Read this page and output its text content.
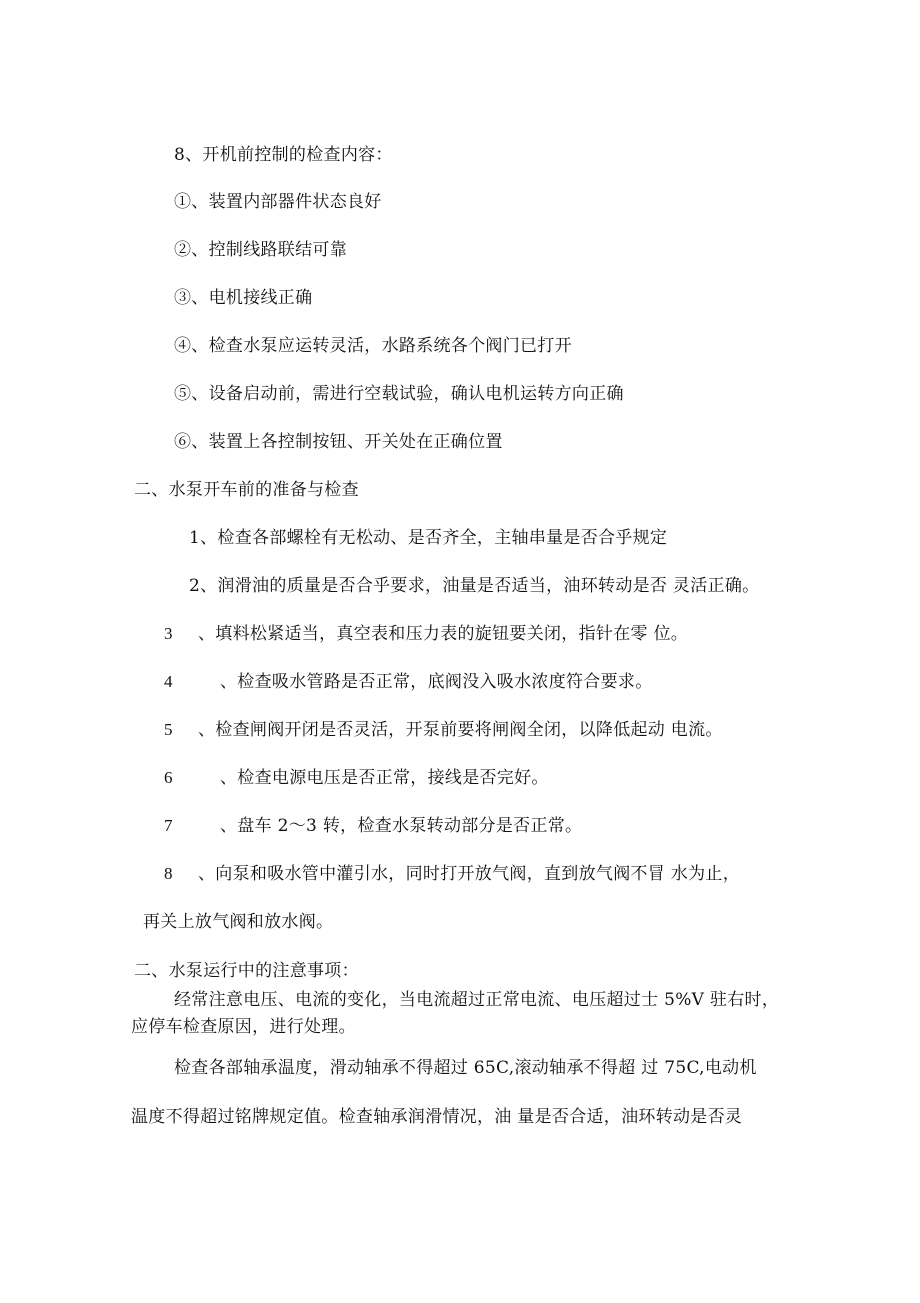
8、开机前控制的检查内容：
①、装置内部器件状态良好
②、控制线路联结可靠
③、电机接线正确
④、检查水泵应运转灵活，水路系统各个阀门已打开
⑤、设备启动前，需进行空载试验，确认电机运转方向正确
⑥、装置上各控制按钮、开关处在正确位置
二、水泵开车前的准备与检查
1、检查各部螺栓有无松动、是否齐全，主轴串量是否合乎规定
2、润滑油的质量是否合乎要求，油量是否适当，油环转动是否 灵活正确。
3 、填料松紧适当，真空表和压力表的旋钮要关闭，指针在零 位。
4	、检查吸水管路是否正常，底阀没入吸水浓度符合要求。
5 、检查闸阀开闭是否灵活，开泵前要将闸阀全闭，以降低起动 电流。
6	、检查电源电压是否正常，接线是否完好。
7	、盘车 2～3 转，检查水泵转动部分是否正常。
8 、向泵和吸水管中灌引水，同时打开放气阀，直到放气阀不冒 水为止，
再关上放气阀和放水阀。
二、水泵运行中的注意事项：
经常注意电压、电流的变化，当电流超过正常电流、电压超过士 5%V 驻右时，
应停车检查原因，进行处理。
检查各部轴承温度，滑动轴承不得超过 65C,滚动轴承不得超 过 75C,电动机
温度不得超过铭牌规定值。检查轴承润滑情况，油 量是否合适，油环转动是否灵
